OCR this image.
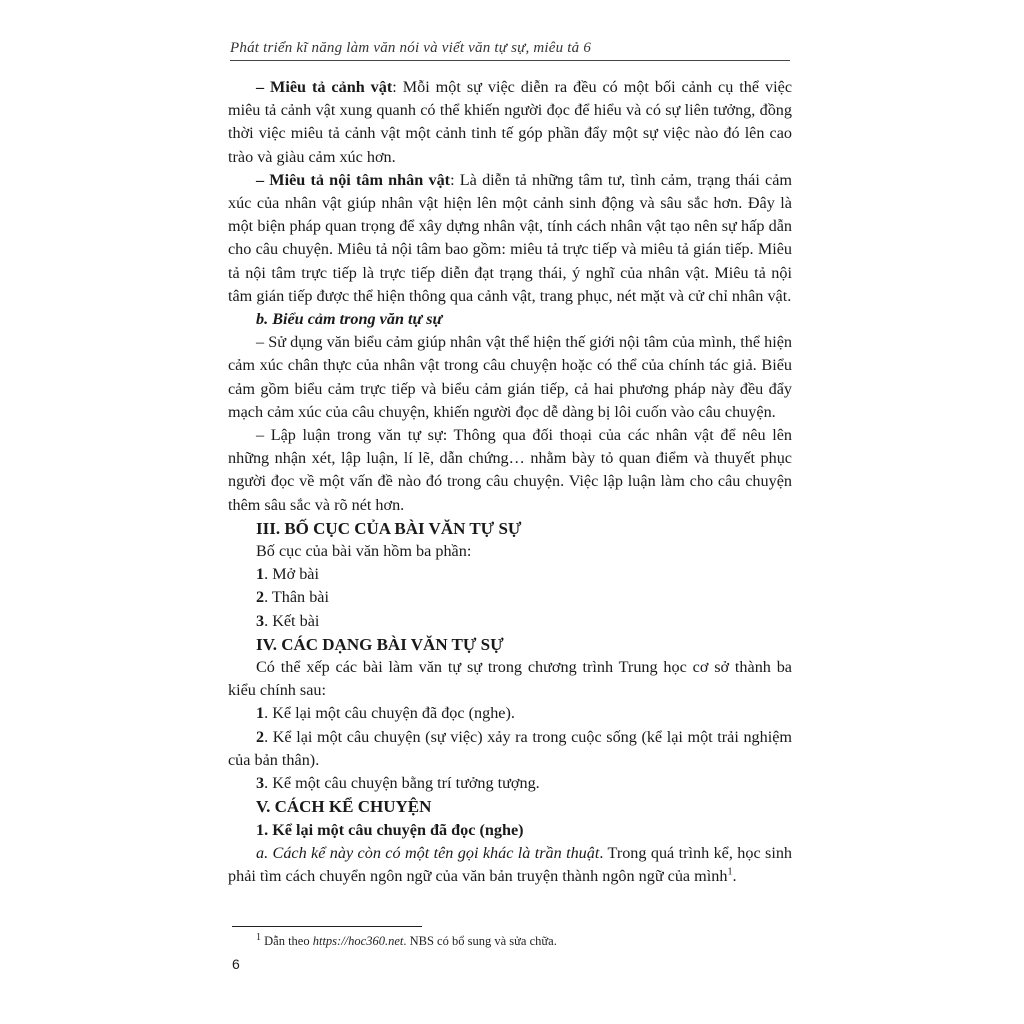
Phát triển kĩ năng làm văn nói và viết văn tự sự, miêu tả 6

– Miêu tả cảnh vật: Mỗi một sự việc diễn ra đều có một bối cảnh cụ thể việc miêu tả cảnh vật xung quanh có thể khiến người đọc để hiểu và có sự liên tưởng, đồng thời việc miêu tả cảnh vật một cảnh tinh tế góp phần đẩy một sự việc nào đó lên cao trào và giàu cảm xúc hơn.

– Miêu tả nội tâm nhân vật: Là diễn tả những tâm tư, tình cảm, trạng thái cảm xúc của nhân vật giúp nhân vật hiện lên một cảnh sinh động và sâu sắc hơn. Đây là một biện pháp quan trọng để xây dựng nhân vật, tính cách nhân vật tạo nên sự hấp dẫn cho câu chuyện. Miêu tả nội tâm bao gồm: miêu tả trực tiếp và miêu tả gián tiếp. Miêu tả nội tâm trực tiếp là trực tiếp diễn đạt trạng thái, ý nghĩ của nhân vật. Miêu tả nội tâm gián tiếp được thể hiện thông qua cảnh vật, trang phục, nét mặt và cử chỉ nhân vật.

b. Biểu cảm trong văn tự sự

– Sử dụng văn biểu cảm giúp nhân vật thể hiện thế giới nội tâm của mình, thể hiện cảm xúc chân thực của nhân vật trong câu chuyện hoặc có thể của chính tác giả. Biểu cảm gồm biểu cảm trực tiếp và biểu cảm gián tiếp, cả hai phương pháp này đều đẩy mạch cảm xúc của câu chuyện, khiến người đọc dễ dàng bị lôi cuốn vào câu chuyện.

– Lập luận trong văn tự sự: Thông qua đối thoại của các nhân vật để nêu lên những nhận xét, lập luận, lí lẽ, dẫn chứng… nhằm bày tỏ quan điểm và thuyết phục người đọc về một vấn đề nào đó trong câu chuyện. Việc lập luận làm cho câu chuyện thêm sâu sắc và rõ nét hơn.

III. BỐ CỤC CỦA BÀI VĂN TỰ SỰ

Bố cục của bài văn hồm ba phần:

1. Mở bài

2. Thân bài

3. Kết bài

IV. CÁC DẠNG BÀI VĂN TỰ SỰ

Có thể xếp các bài làm văn tự sự trong chương trình Trung học cơ sở thành ba kiểu chính sau:

1. Kể lại một câu chuyện đã đọc (nghe).

2. Kể lại một câu chuyện (sự việc) xảy ra trong cuộc sống (kể lại một trải nghiệm của bản thân).

3. Kể một câu chuyện bằng trí tưởng tượng.

V. CÁCH KỂ CHUYỆN

1. Kể lại một câu chuyện đã đọc (nghe)

a. Cách kể này còn có một tên gọi khác là trần thuật. Trong quá trình kể, học sinh phải tìm cách chuyển ngôn ngữ của văn bản truyện thành ngôn ngữ của mình$^1$.

$^1$ Dẫn theo https://hoc360.net. NBS có bổ sung và sửa chữa.
6
